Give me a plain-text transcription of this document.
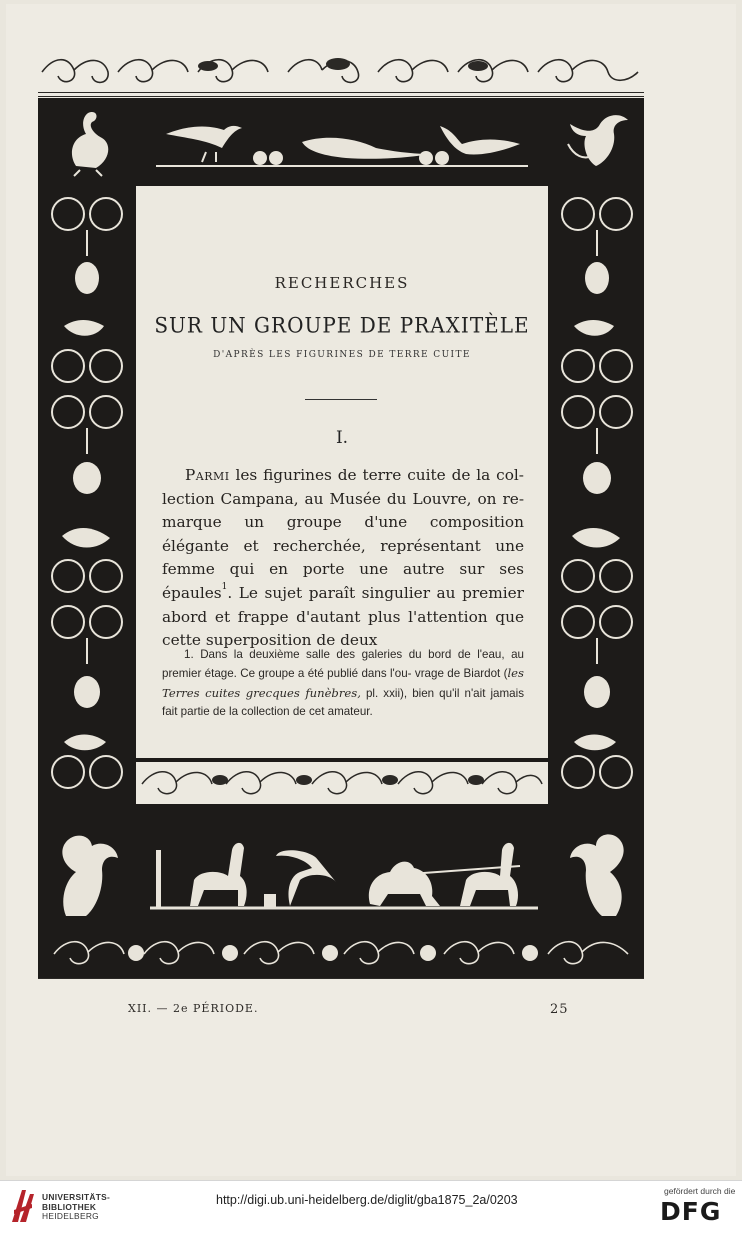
RECHERCHES
SUR UN GROUPE DE PRAXITÈLE
D'APRÈS LES FIGURINES DE TERRE CUITE
I.

  Parmi les figurines de terre cuite de la col- lection Campana, au Musée du Louvre, on re- marque un groupe d'une composition élégante et recherchée, représentant une femme qui en porte une autre sur ses épaules$^1$. Le sujet paraît singulier au premier abord et frappe d'autant plus l'attention que cette superposition de deux

1. Dans la deuxième salle des galeries du bord de l'eau, au premier étage. Ce groupe a été publié dans l'ou- vrage de Biardot (les Terres cuites grecques funèbres, pl. xxii), bien qu'il n'ait jamais fait partie de la collection de cet amateur.

XII. — 2e PÉRIODE.	25
UNIVERSITÄTS-
BIBLIOTHEK
HEIDELBERG
http://digi.ub.uni-heidelberg.de/diglit/gba1875_2a/0203
gefördert durch die
DFG
